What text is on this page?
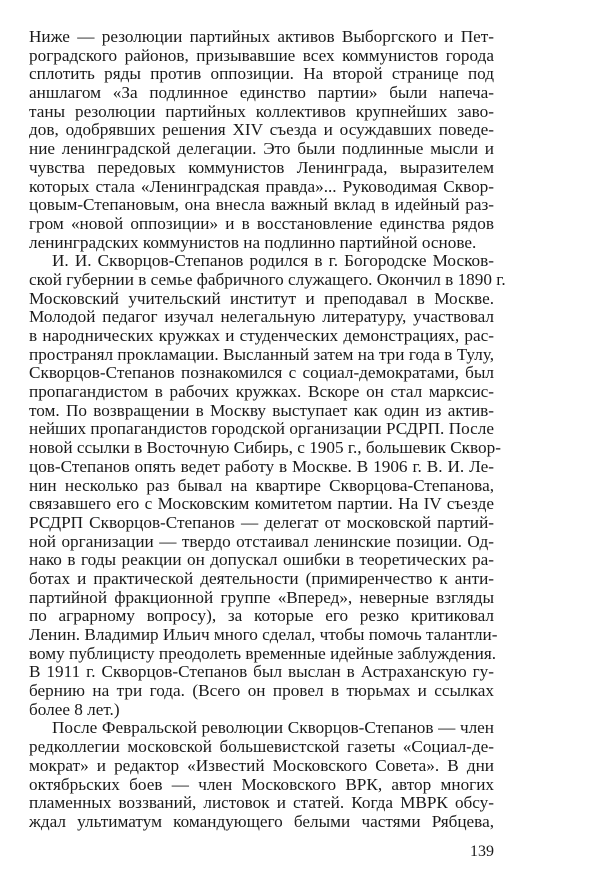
Ниже — резолюции партийных активов Выборгского и Пет-
роградского районов, призывавшие всех коммунистов города
сплотить ряды против оппозиции. На второй странице под
аншлагом «За подлинное единство партии» были напеча-
таны резолюции партийных коллективов крупнейших заво-
дов, одобрявших решения XIV съезда и осуждавших поведе-
ние ленинградской делегации. Это были подлинные мысли и
чувства передовых коммунистов Ленинграда, выразителем
которых стала «Ленинградская правда»... Руководимая Сквор-
цовым-Степановым, она внесла важный вклад в идейный раз-
гром «новой оппозиции» и в восстановление единства рядов
ленинградских коммунистов на подлинно партийной основе.
И. И. Скворцов-Степанов родился в г. Богородске Москов-
ской губернии в семье фабричного служащего. Окончил в 1890 г.
Московский учительский институт и преподавал в Москве.
Молодой педагог изучал нелегальную литературу, участвовал
в народнических кружках и студенческих демонстрациях, рас-
пространял прокламации. Высланный затем на три года в Тулу,
Скворцов-Степанов познакомился с социал-демократами, был
пропагандистом в рабочих кружках. Вскоре он стал марксис-
том. По возвращении в Москву выступает как один из актив-
нейших пропагандистов городской организации РСДРП. После
новой ссылки в Восточную Сибирь, с 1905 г., большевик Сквор-
цов-Степанов опять ведет работу в Москве. В 1906 г. В. И. Ле-
нин несколько раз бывал на квартире Скворцова-Степанова,
связавшего его с Московским комитетом партии. На IV съезде
РСДРП Скворцов-Степанов — делегат от московской партий-
ной организации — твердо отстаивал ленинские позиции. Од-
нако в годы реакции он допускал ошибки в теоретических ра-
ботах и практической деятельности (примиренчество к анти-
партийной фракционной группе «Вперед», неверные взгляды
по аграрному вопросу), за которые его резко критиковал
Ленин. Владимир Ильич много сделал, чтобы помочь талантли-
вому публицисту преодолеть временные идейные заблуждения.
В 1911 г. Скворцов-Степанов был выслан в Астраханскую гу-
бернию на три года. (Всего он провел в тюрьмах и ссылках
более 8 лет.)
После Февральской революции Скворцов-Степанов — член
редколлегии московской большевистской газеты «Социал-де-
мократ» и редактор «Известий Московского Совета». В дни
октябрьских боев — член Московского ВРК, автор многих
пламенных воззваний, листовок и статей. Когда МВРК обсу-
ждал ультиматум командующего белыми частями Рябцева,
139
